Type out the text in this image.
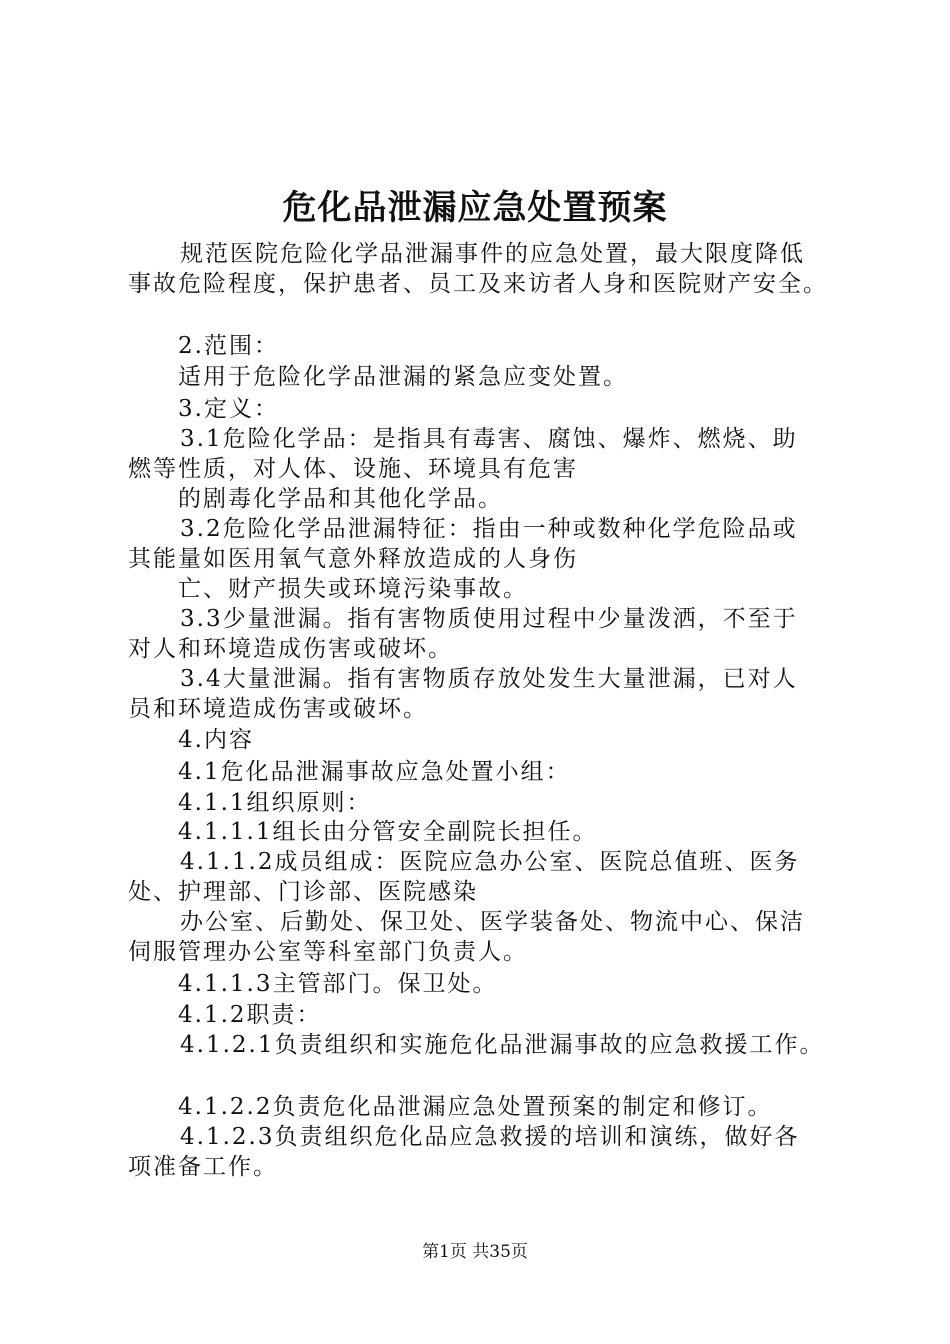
危化品泄漏应急处置预案
规范医院危险化学品泄漏事件的应急处置，最大限度降低
事故危险程度，保护患者、员工及来访者人身和医院财产安全。
2.范围：
适用于危险化学品泄漏的紧急应变处置。
3.定义：
3.1危险化学品：是指具有毒害、腐蚀、爆炸、燃烧、助
燃等性质，对人体、设施、环境具有危害
的剧毒化学品和其他化学品。
3.2危险化学品泄漏特征：指由一种或数种化学危险品或
其能量如医用氧气意外释放造成的人身伤
亡、财产损失或环境污染事故。
3.3少量泄漏。指有害物质使用过程中少量泼洒，不至于
对人和环境造成伤害或破坏。
3.4大量泄漏。指有害物质存放处发生大量泄漏，已对人
员和环境造成伤害或破坏。
4.内容
4.1危化品泄漏事故应急处置小组：
4.1.1组织原则：
4.1.1.1组长由分管安全副院长担任。
4.1.1.2成员组成：医院应急办公室、医院总值班、医务
处、护理部、门诊部、医院感染
办公室、后勤处、保卫处、医学装备处、物流中心、保洁
伺服管理办公室等科室部门负责人。
4.1.1.3主管部门。保卫处。
4.1.2职责：
4.1.2.1负责组织和实施危化品泄漏事故的应急救援工作。
4.1.2.2负责危化品泄漏应急处置预案的制定和修订。
4.1.2.3负责组织危化品应急救援的培训和演练，做好各
项准备工作。
第1页 共35页
